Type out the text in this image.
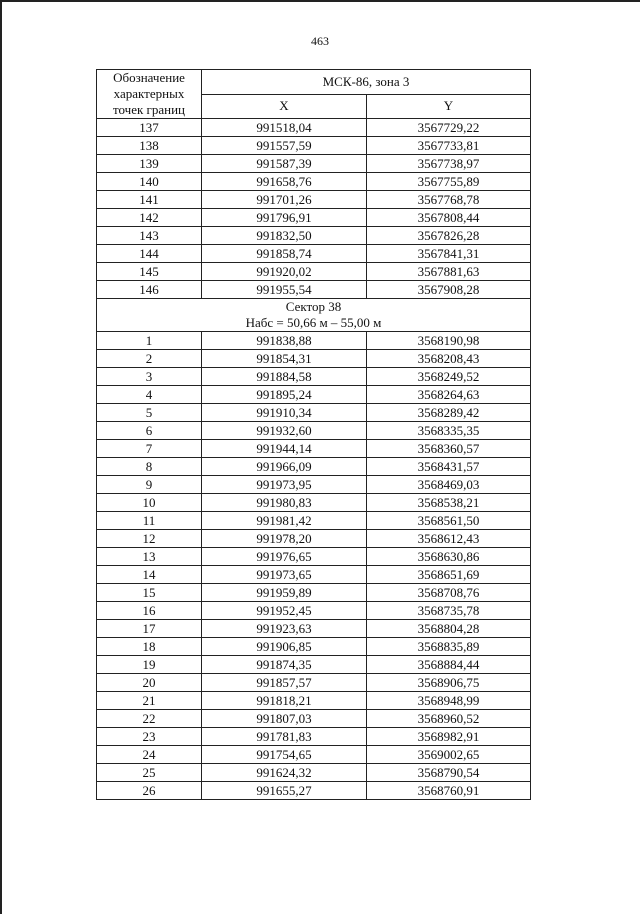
463
Обозначение
характерных
точек границ	МСК-86, зона 3	
	X	Y
137	991518,04	3567729,22
138	991557,59	3567733,81
139	991587,39	3567738,97
140	991658,76	3567755,89
141	991701,26	3567768,78
142	991796,91	3567808,44
143	991832,50	3567826,28
144	991858,74	3567841,31
145	991920,02	3567881,63
146	991955,54	3567908,28

Сектор 38
Нaбс = 50,66 м – 55,00 м		

1	991838,88	3568190,98
2	991854,31	3568208,43
3	991884,58	3568249,52
4	991895,24	3568264,63
5	991910,34	3568289,42
6	991932,60	3568335,35
7	991944,14	3568360,57
8	991966,09	3568431,57
9	991973,95	3568469,03
10	991980,83	3568538,21
11	991981,42	3568561,50
12	991978,20	3568612,43
13	991976,65	3568630,86
14	991973,65	3568651,69
15	991959,89	3568708,76
16	991952,45	3568735,78
17	991923,63	3568804,28
18	991906,85	3568835,89
19	991874,35	3568884,44
20	991857,57	3568906,75
21	991818,21	3568948,99
22	991807,03	3568960,52
23	991781,83	3568982,91
24	991754,65	3569002,65
25	991624,32	3568790,54
26	991655,27	3568760,91
